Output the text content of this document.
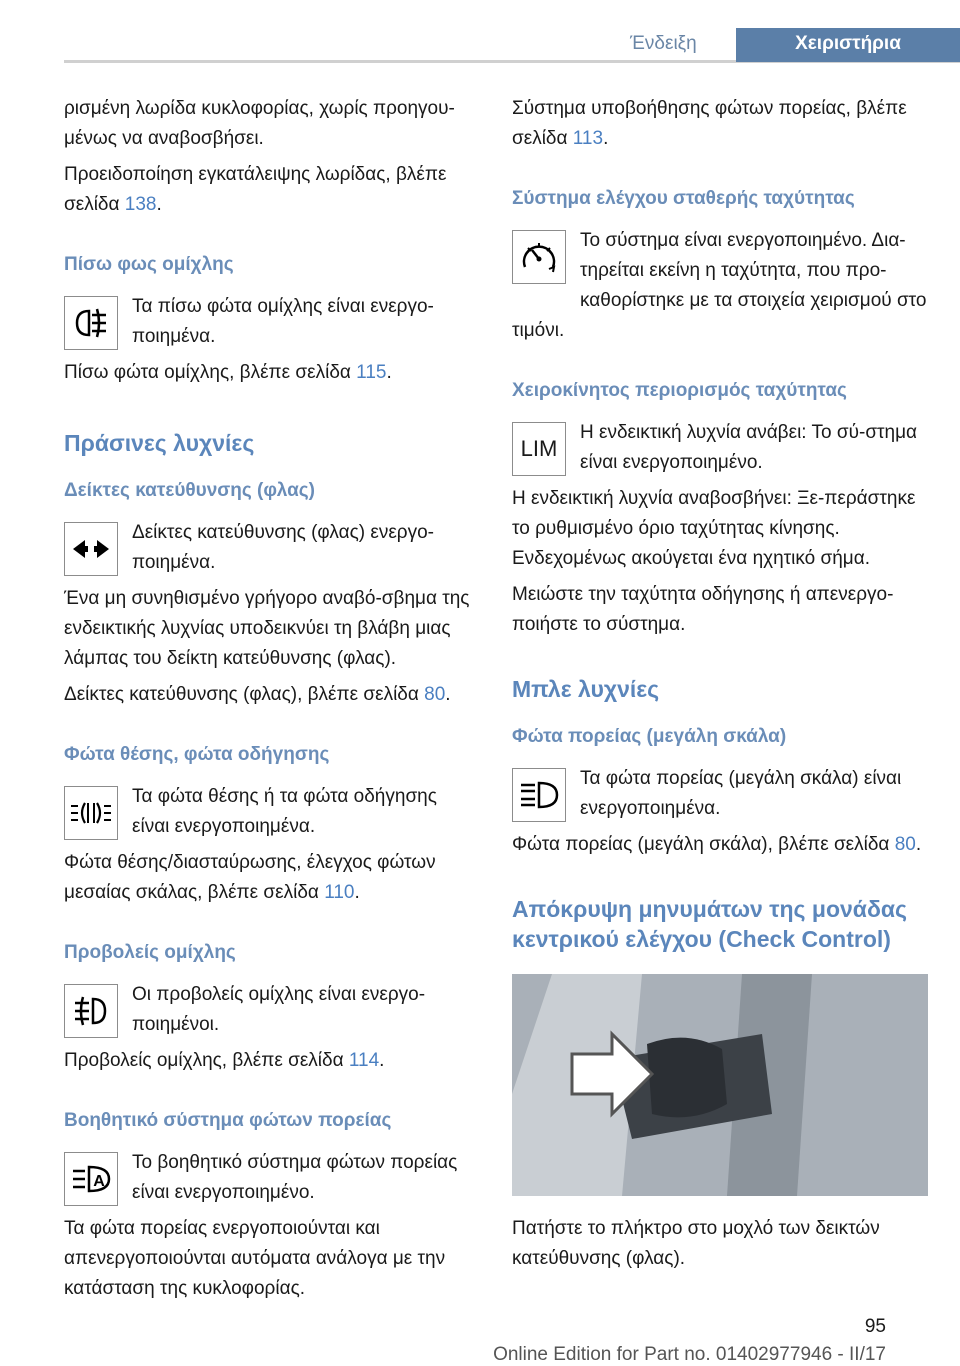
Ένδειξη	Χειριστήρια

ρισμένη λωρίδα κυκλοφορίας, χωρίς προηγου-μένως να αναβοσβήσει.

Προειδοποίηση εγκατάλειψης λωρίδας, βλέπε σελίδα 138.

Πίσω φως ομίχλης

Τα πίσω φώτα ομίχλης είναι ενεργο-ποιημένα.

Πίσω φώτα ομίχλης, βλέπε σελίδα 115.

Πράσινες λυχνίες
Δείκτες κατεύθυνσης (φλας)

Δείκτες κατεύθυνσης (φλας) ενεργο-ποιημένα.

Ένα μη συνηθισμένο γρήγορο αναβό-σβημα της ενδεικτικής λυχνίας υποδεικνύει τη βλάβη μιας λάμπας του δείκτη κατεύθυνσης (φλας).

Δείκτες κατεύθυνσης (φλας), βλέπε σελίδα 80.

Φώτα θέσης, φώτα οδήγησης

Τα φώτα θέσης ή τα φώτα οδήγησης είναι ενεργοποιημένα.

Φώτα θέσης/διασταύρωσης, έλεγχος φώτων μεσαίας σκάλας, βλέπε σελίδα 110.

Προβολείς ομίχλης

Οι προβολείς ομίχλης είναι ενεργο-ποιημένοι.

Προβολείς ομίχλης, βλέπε σελίδα 114.

Βοηθητικό σύστημα φώτων πορείας
A

Το βοηθητικό σύστημα φώτων πορείας είναι ενεργοποιημένο.

Τα φώτα πορείας ενεργοποιούνται και απενεργοποιούνται αυτόματα ανάλογα με την κατάσταση της κυκλοφορίας.

Σύστημα υποβοήθησης φώτων πορείας, βλέπε σελίδα 113.

Σύστημα ελέγχου σταθερής ταχύτητας

Το σύστημα είναι ενεργοποιημένο. Δια-τηρείται εκείνη η ταχύτητα, που προ-καθορίστηκε με τα στοιχεία χειρισμού στο τιμόνι.

Χειροκίνητος περιορισμός ταχύτητας
LIM

Η ενδεικτική λυχνία ανάβει: Το σύ-στημα είναι ενεργοποιημένο.

Η ενδεικτική λυχνία αναβοσβήνει: Ξε-περάστηκε το ρυθμισμένο όριο ταχύτητας κίνησης. Ενδεχομένως ακούγεται ένα ηχητικό σήμα.

Μειώστε την ταχύτητα οδήγησης ή απενεργο-ποιήστε το σύστημα.

Μπλε λυχνίες
Φώτα πορείας (μεγάλη σκάλα)

Τα φώτα πορείας (μεγάλη σκάλα) είναι ενεργοποιημένα.

Φώτα πορείας (μεγάλη σκάλα), βλέπε σελίδα 80.

Απόκρυψη μηνυμάτων της μονάδας κεντρικού ελέγχου (Check Control)

Πατήστε το πλήκτρο στο μοχλό των δεικτών κατεύθυνσης (φλας).

95
Online Edition for Part no. 01402977946 - II/17
